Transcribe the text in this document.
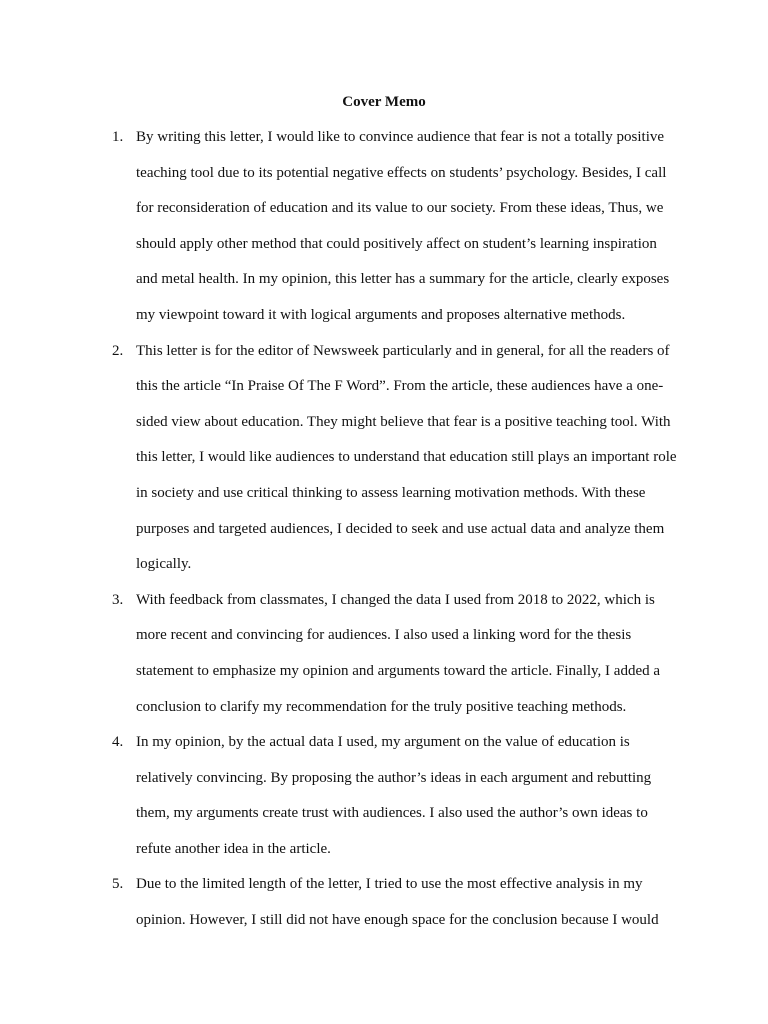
Cover Memo
1. By writing this letter, I would like to convince audience that fear is not a totally positive teaching tool due to its potential negative effects on students’ psychology. Besides, I call for reconsideration of education and its value to our society. From these ideas, Thus, we should apply other method that could positively affect on student’s learning inspiration and metal health. In my opinion, this letter has a summary for the article, clearly exposes my viewpoint toward it with logical arguments and proposes alternative methods.
2. This letter is for the editor of Newsweek particularly and in general, for all the readers of this the article “In Praise Of The F Word”. From the article, these audiences have a one-sided view about education. They might believe that fear is a positive teaching tool. With this letter, I would like audiences to understand that education still plays an important role in society and use critical thinking to assess learning motivation methods. With these purposes and targeted audiences, I decided to seek and use actual data and analyze them logically.
3. With feedback from classmates, I changed the data I used from 2018 to 2022, which is more recent and convincing for audiences. I also used a linking word for the thesis statement to emphasize my opinion and arguments toward the article. Finally, I added a conclusion to clarify my recommendation for the truly positive teaching methods.
4. In my opinion, by the actual data I used, my argument on the value of education is relatively convincing. By proposing the author’s ideas in each argument and rebutting them, my arguments create trust with audiences. I also used the author’s own ideas to refute another idea in the article.
5. Due to the limited length of the letter, I tried to use the most effective analysis in my opinion. However, I still did not have enough space for the conclusion because I would
